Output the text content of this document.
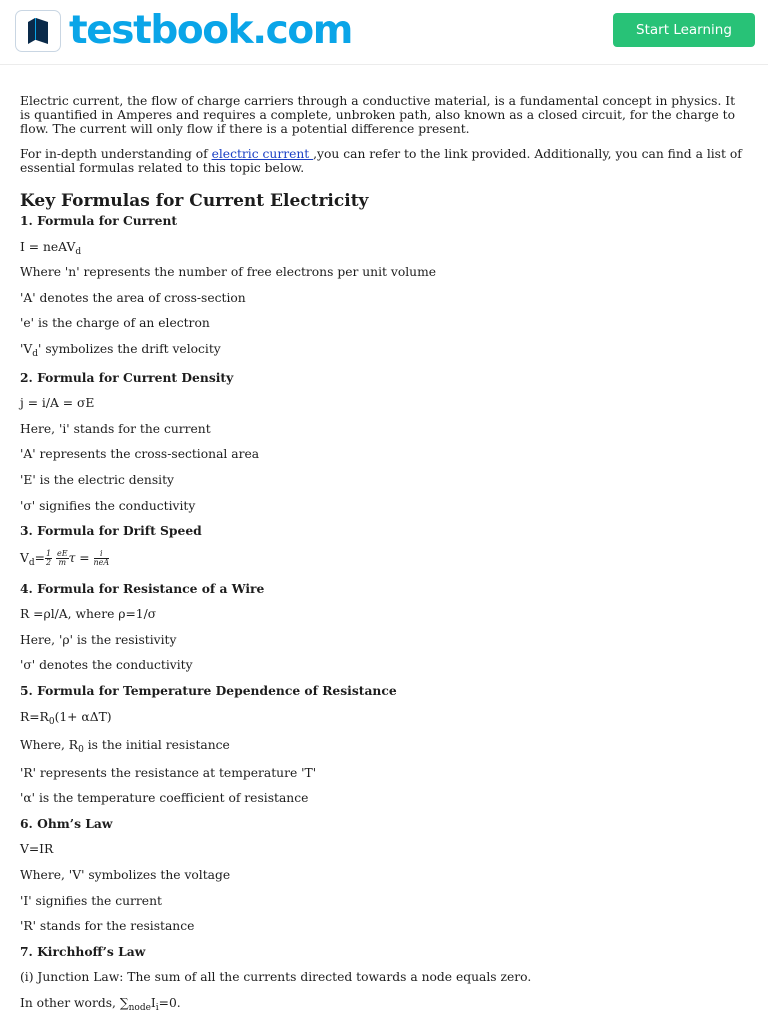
testbook.com	Start Learning

Electric current, the flow of charge carriers through a conductive material, is a fundamental concept in physics. It is quantified in Amperes and requires a complete, unbroken path, also known as a closed circuit, for the charge to flow. The current will only flow if there is a potential difference present.

For in-depth understanding of electric current ,you can refer to the link provided. Additionally, you can find a list of essential formulas related to this topic below.

Key Formulas for Current Electricity

1. Formula for Current

I = neAV$_d$

Where 'n' represents the number of free electrons per unit volume

'A' denotes the area of cross-section

'e' is the charge of an electron

'$V_d$' symbolizes the drift velocity

2. Formula for Current Density

j = i/A = σE

Here, 'i' stands for the current

'A' represents the cross-sectional area

'E' is the electric density

'σ' signifies the conductivity

3. Formula for Drift Speed

$V_d= \frac{1}{2}$
$\frac{eE}{m}$ $\tau = \frac{i}{\text{neA}}$

4. Formula for Resistance of a Wire

R =ρl/A, where ρ=1/σ

Here, 'ρ' is the resistivity

'σ' denotes the conductivity

5. Formula for Temperature Dependence of Resistance

$R=R_0(1+ \alpha\Delta T)$

Where, $R_0$ is the initial resistance

'R' represents the resistance at temperature 'T'

'α' is the temperature coefficient of resistance

6. Ohm’s Law

V=IR

Where, 'V' symbolizes the voltage

'I' signifies the current

'R' stands for the resistance

7. Kirchhoff’s Law

(i) Junction Law: The sum of all the currents directed towards a node equals zero.

In other words, $\sum_{node}I_i=0$.
